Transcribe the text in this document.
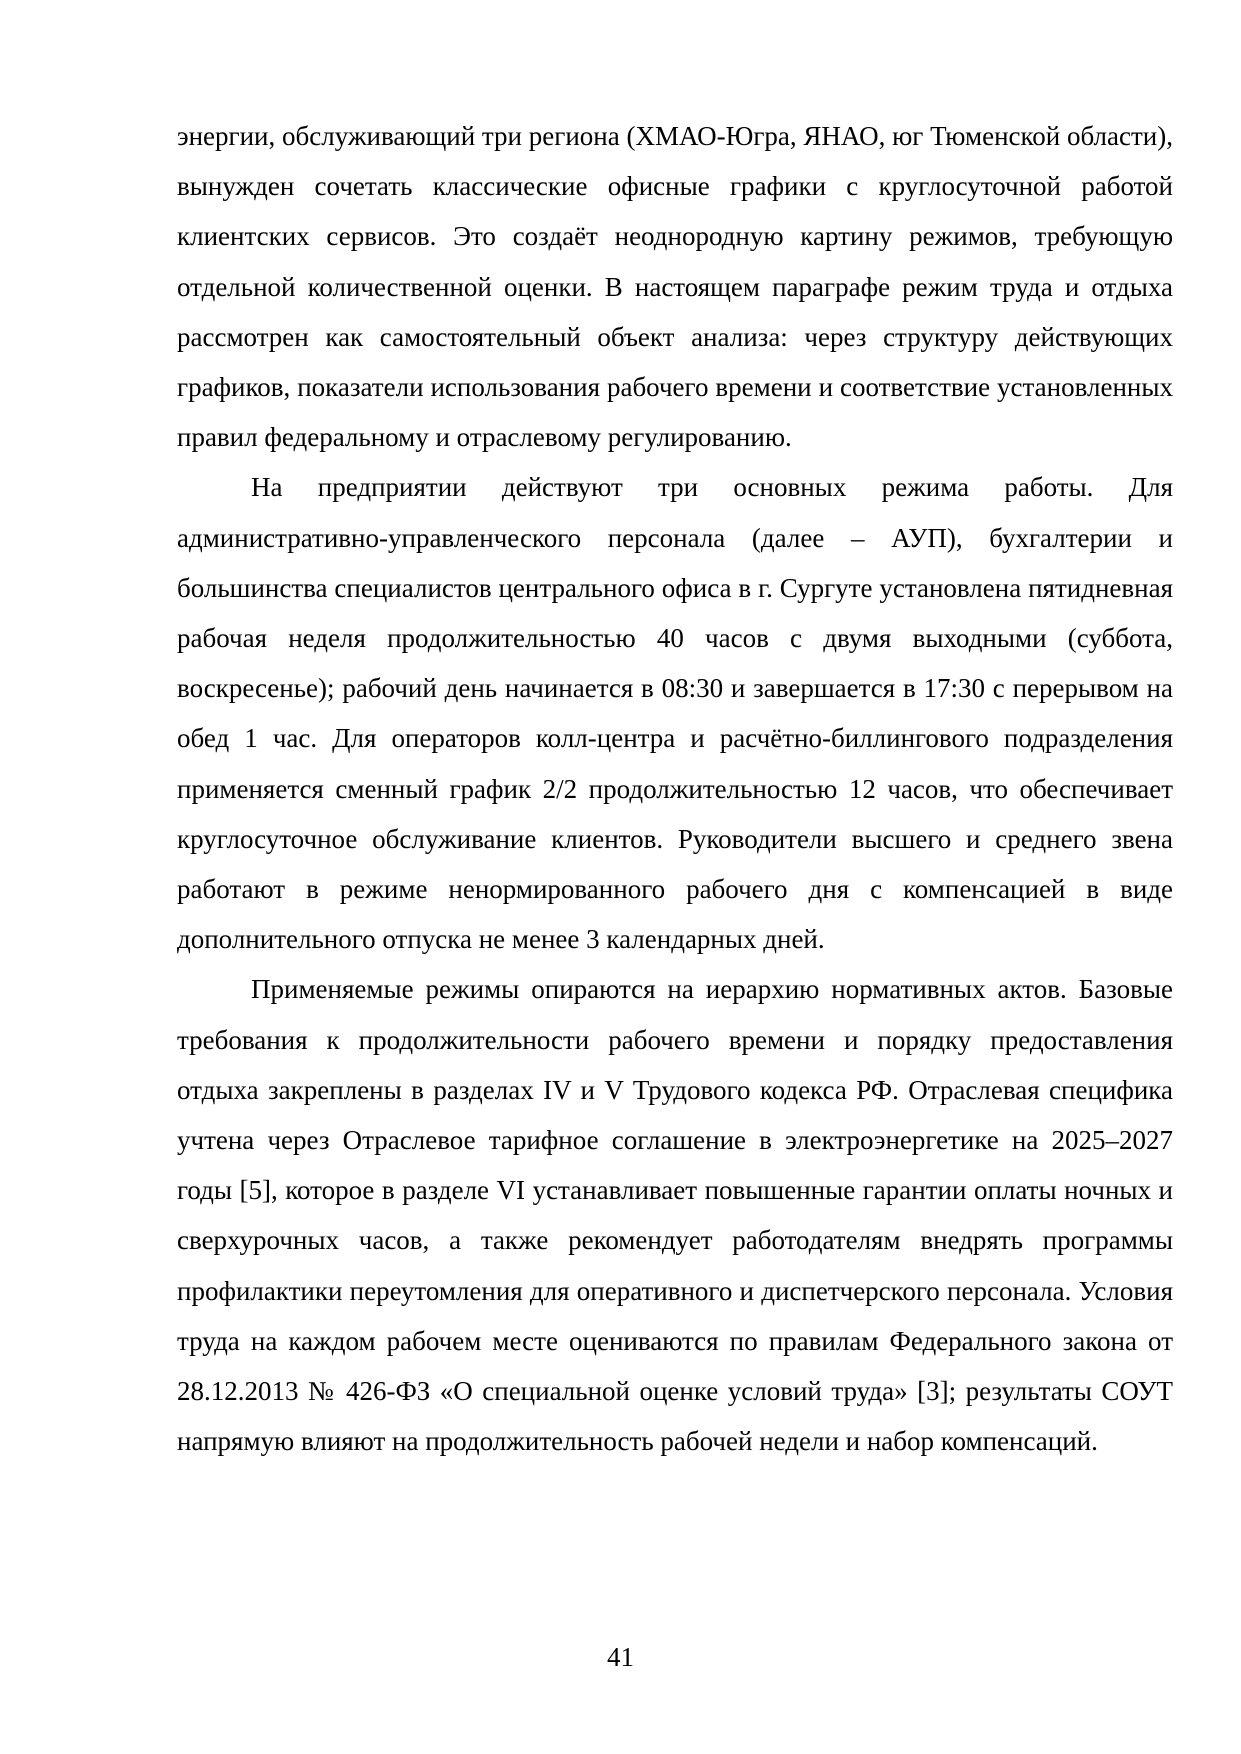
энергии, обслуживающий три региона (ХМАО-Югра, ЯНАО, юг Тюменской области), вынужден сочетать классические офисные графики с круглосуточной работой клиентских сервисов. Это создаёт неоднородную картину режимов, требующую отдельной количественной оценки. В настоящем параграфе режим труда и отдыха рассмотрен как самостоятельный объект анализа: через структуру действующих графиков, показатели использования рабочего времени и соответствие установленных правил федеральному и отраслевому регулированию.

На предприятии действуют три основных режима работы. Для административно-управленческого персонала (далее – АУП), бухгалтерии и большинства специалистов центрального офиса в г. Сургуте установлена пятидневная рабочая неделя продолжительностью 40 часов с двумя выходными (суббота, воскресенье); рабочий день начинается в 08:30 и завершается в 17:30 с перерывом на обед 1 час. Для операторов колл-центра и расчётно-биллингового подразделения применяется сменный график 2/2 продолжительностью 12 часов, что обеспечивает круглосуточное обслуживание клиентов. Руководители высшего и среднего звена работают в режиме ненормированного рабочего дня с компенсацией в виде дополнительного отпуска не менее 3 календарных дней.

Применяемые режимы опираются на иерархию нормативных актов. Базовые требования к продолжительности рабочего времени и порядку предоставления отдыха закреплены в разделах IV и V Трудового кодекса РФ. Отраслевая специфика учтена через Отраслевое тарифное соглашение в электроэнергетике на 2025–2027 годы [5], которое в разделе VI устанавливает повышенные гарантии оплаты ночных и сверхурочных часов, а также рекомендует работодателям внедрять программы профилактики переутомления для оперативного и диспетчерского персонала. Условия труда на каждом рабочем месте оцениваются по правилам Федерального закона от 28.12.2013 № 426-ФЗ «О специальной оценке условий труда» [3]; результаты СОУТ напрямую влияют на продолжительность рабочей недели и набор компенсаций.

41
